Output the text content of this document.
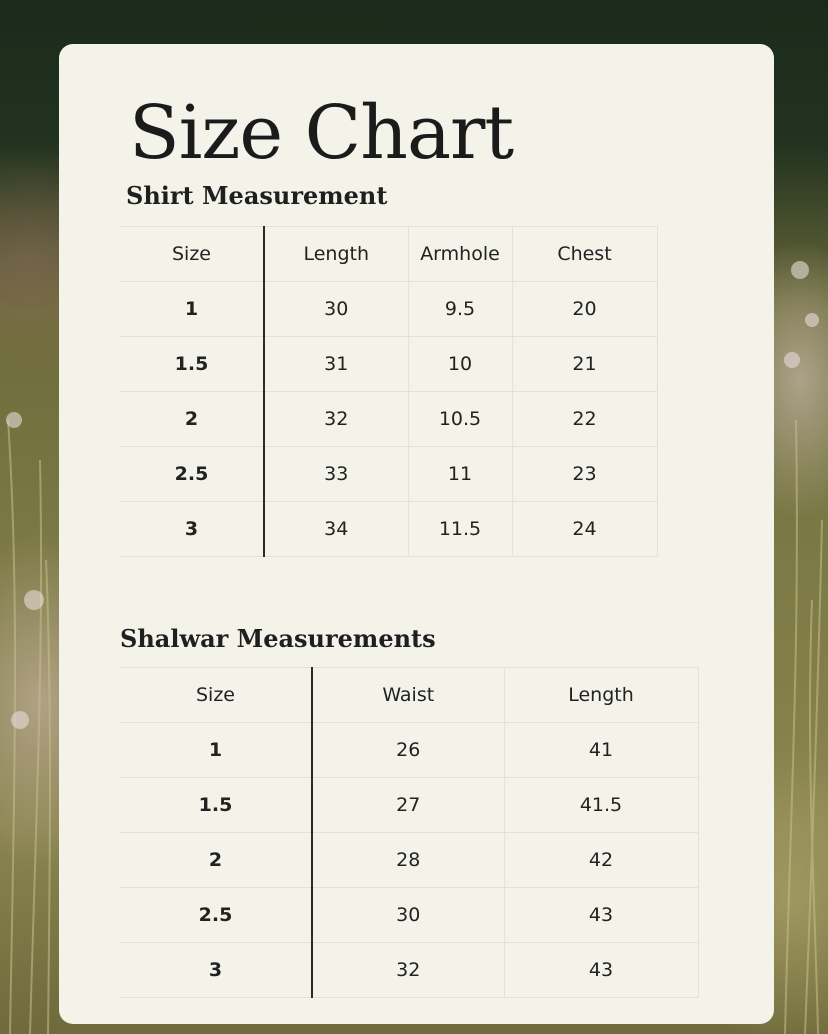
Size Chart
Shirt Measurement
Size	Length	Armhole	Chest
1	30	9.5	20
1.5	31	10	21
2	32	10.5	22
2.5	33	11	23
3	34	11.5	24
Shalwar Measurements
Size	Waist	Length
1	26	41
1.5	27	41.5
2	28	42
2.5	30	43
3	32	43
